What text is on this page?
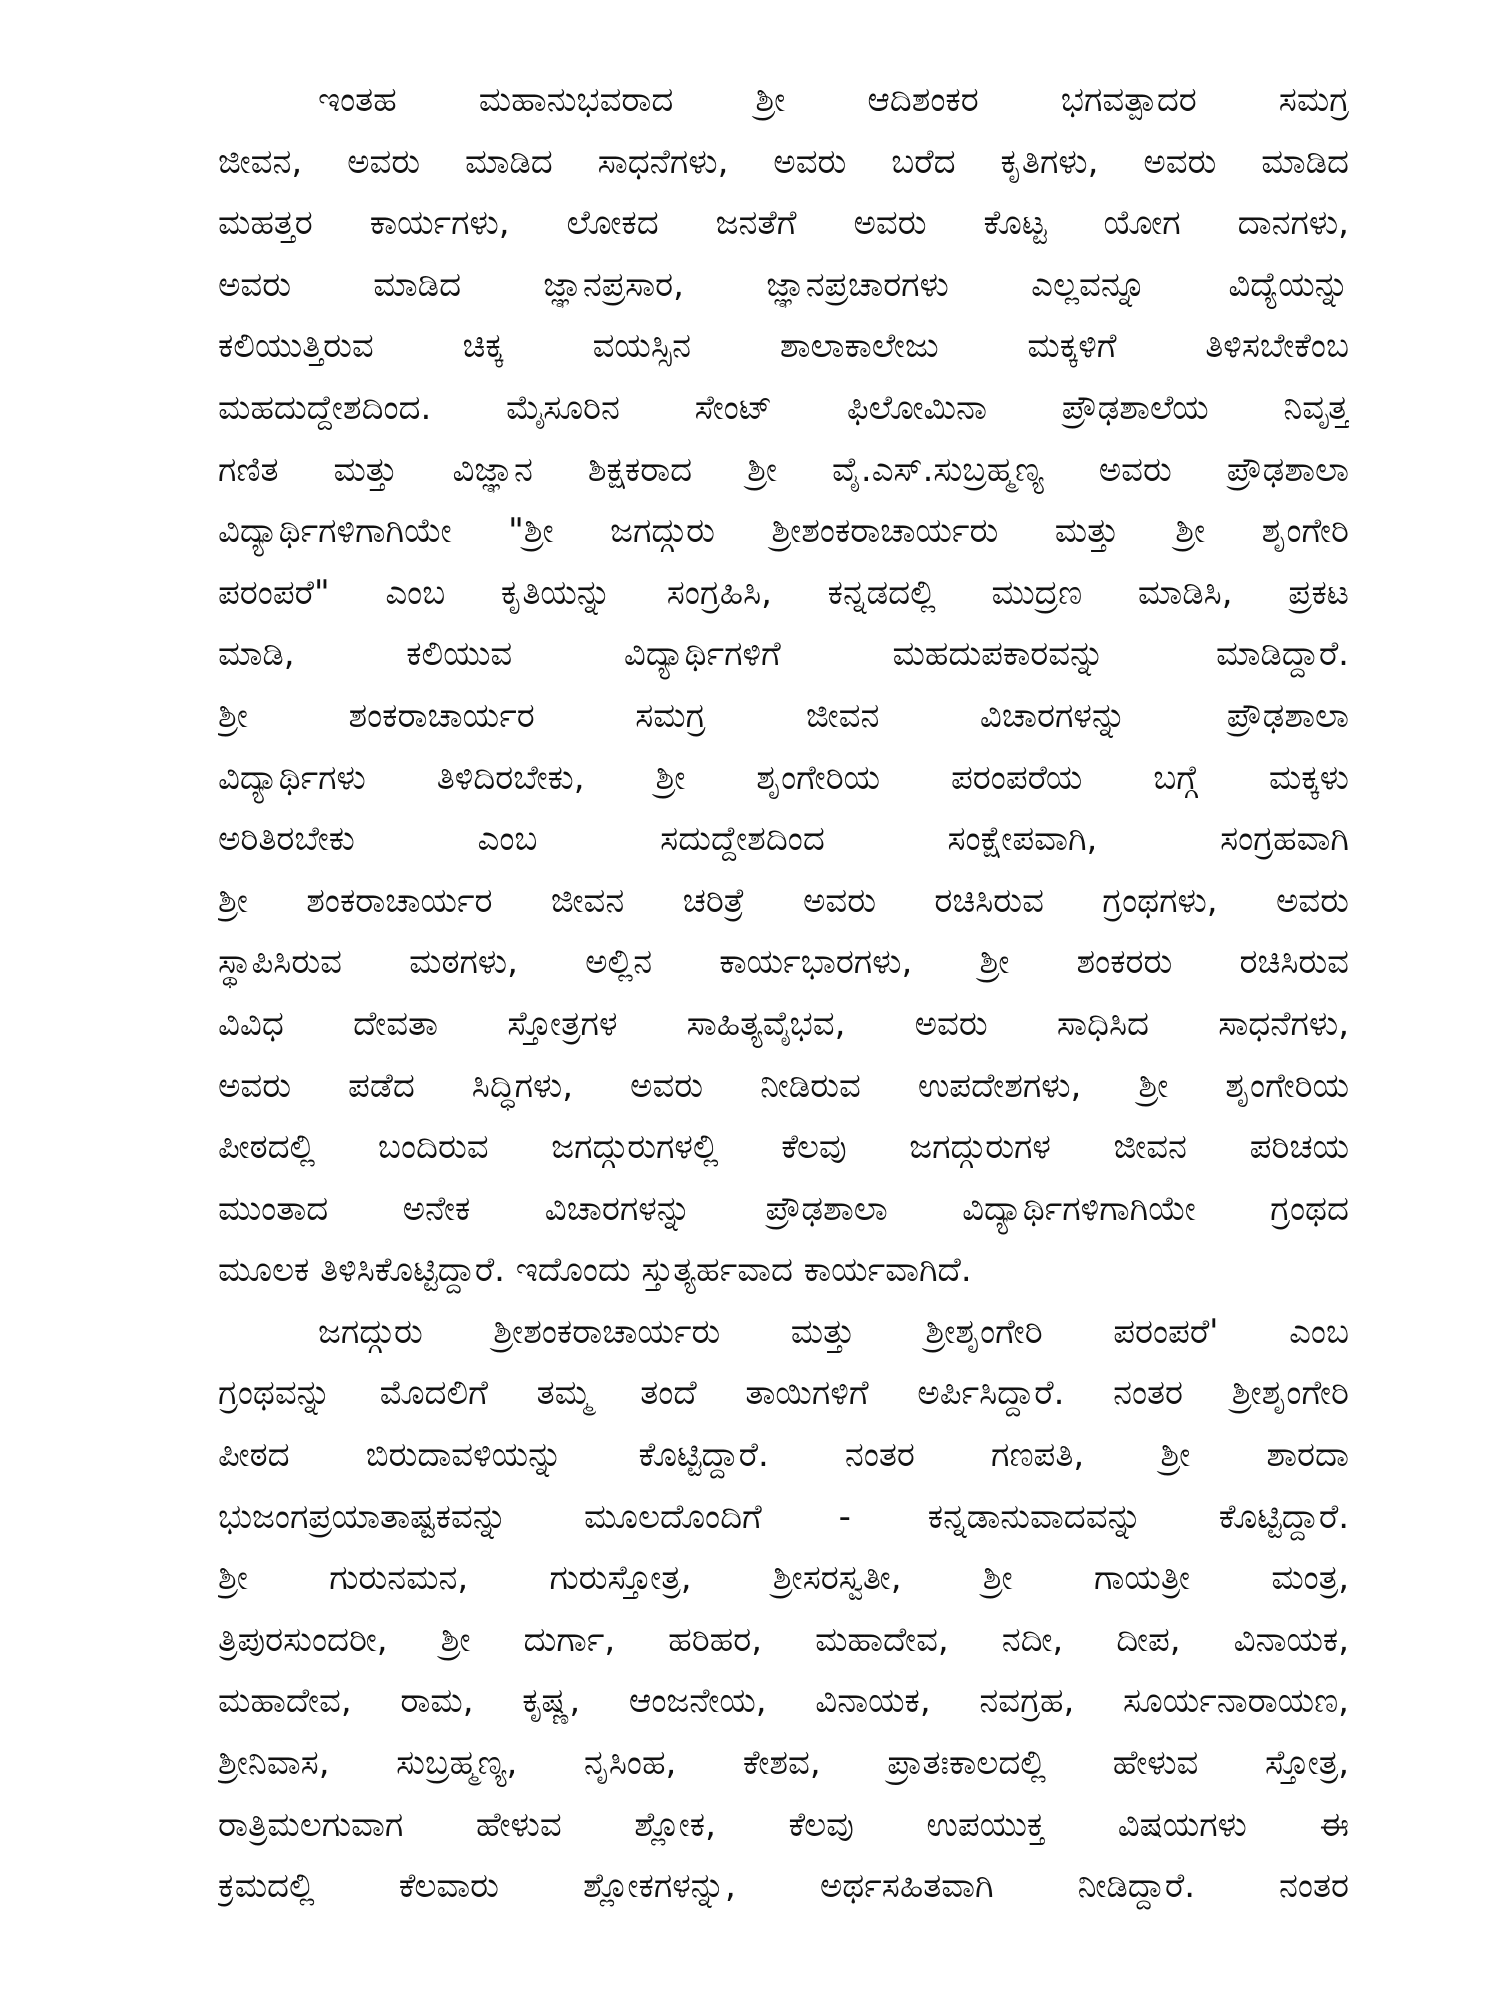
ಇಂತಹ ಮಹಾನುಭವರಾದ ಶ್ರೀ ಆದಿಶಂಕರ ಭಗವತ್ಪಾದರ ಸಮಗ್ರ
ಜೀವನ, ಅವರು ಮಾಡಿದ ಸಾಧನೆಗಳು, ಅವರು ಬರೆದ ಕೃತಿಗಳು, ಅವರು ಮಾಡಿದ
ಮಹತ್ತರ ಕಾರ್ಯಗಳು, ಲೋಕದ ಜನತೆಗೆ ಅವರು ಕೊಟ್ಟ ಯೋಗ ದಾನಗಳು,
ಅವರು ಮಾಡಿದ ಜ್ಞಾನಪ್ರಸಾರ, ಜ್ಞಾನಪ್ರಚಾರಗಳು ಎಲ್ಲವನ್ನೂ ವಿದ್ಯೆಯನ್ನು
ಕಲಿಯುತ್ತಿರುವ ಚಿಕ್ಕ ವಯಸ್ಸಿನ ಶಾಲಾಕಾಲೇಜು ಮಕ್ಕಳಿಗೆ ತಿಳಿಸಬೇಕೆಂಬ
ಮಹದುದ್ದೇಶದಿಂದ. ಮೈಸೂರಿನ ಸೇಂಟ್ ಫಿಲೋಮಿನಾ ಪ್ರೌಢಶಾಲೆಯ ನಿವೃತ್ತ
ಗಣಿತ ಮತ್ತು ವಿಜ್ಞಾನ ಶಿಕ್ಷಕರಾದ ಶ್ರೀ ವೈ.ಎಸ್.ಸುಬ್ರಹ್ಮಣ್ಯ ಅವರು ಪ್ರೌಢಶಾಲಾ
ವಿದ್ಯಾರ್ಥಿಗಳಿಗಾಗಿಯೇ "ಶ್ರೀ ಜಗದ್ಗುರು ಶ್ರೀಶಂಕರಾಚಾರ್ಯರು ಮತ್ತು ಶ್ರೀ ಶೃಂಗೇರಿ
ಪರಂಪರೆ" ಎಂಬ ಕೃತಿಯನ್ನು ಸಂಗ್ರಹಿಸಿ, ಕನ್ನಡದಲ್ಲಿ ಮುದ್ರಣ ಮಾಡಿಸಿ, ಪ್ರಕಟ
ಮಾಡಿ, ಕಲಿಯುವ ವಿದ್ಯಾರ್ಥಿಗಳಿಗೆ ಮಹದುಪಕಾರವನ್ನು ಮಾಡಿದ್ದಾರೆ.
ಶ್ರೀ ಶಂಕರಾಚಾರ್ಯರ ಸಮಗ್ರ ಜೀವನ ವಿಚಾರಗಳನ್ನು ಪ್ರೌಢಶಾಲಾ
ವಿದ್ಯಾರ್ಥಿಗಳು ತಿಳಿದಿರಬೇಕು, ಶ್ರೀ ಶೃಂಗೇರಿಯ ಪರಂಪರೆಯ ಬಗ್ಗೆ ಮಕ್ಕಳು
ಅರಿತಿರಬೇಕು ಎಂಬ ಸದುದ್ದೇಶದಿಂದ ಸಂಕ್ಷೇಪವಾಗಿ, ಸಂಗ್ರಹವಾಗಿ
ಶ್ರೀ ಶಂಕರಾಚಾರ್ಯರ ಜೀವನ ಚರಿತ್ರೆ ಅವರು ರಚಿಸಿರುವ ಗ್ರಂಥಗಳು, ಅವರು
ಸ್ಥಾಪಿಸಿರುವ ಮಠಗಳು, ಅಲ್ಲಿನ ಕಾರ್ಯಭಾರಗಳು, ಶ್ರೀ ಶಂಕರರು ರಚಿಸಿರುವ
ವಿವಿಧ ದೇವತಾ ಸ್ತೋತ್ರಗಳ ಸಾಹಿತ್ಯವೈಭವ, ಅವರು ಸಾಧಿಸಿದ ಸಾಧನೆಗಳು,
ಅವರು ಪಡೆದ ಸಿದ್ಧಿಗಳು, ಅವರು ನೀಡಿರುವ ಉಪದೇಶಗಳು, ಶ್ರೀ ಶೃಂಗೇರಿಯ
ಪೀಠದಲ್ಲಿ ಬಂದಿರುವ ಜಗದ್ಗುರುಗಳಲ್ಲಿ ಕೆಲವು ಜಗದ್ಗುರುಗಳ ಜೀವನ ಪರಿಚಯ
ಮುಂತಾದ ಅನೇಕ ವಿಚಾರಗಳನ್ನು ಪ್ರೌಢಶಾಲಾ ವಿದ್ಯಾರ್ಥಿಗಳಿಗಾಗಿಯೇ ಗ್ರಂಥದ
ಮೂಲಕ ತಿಳಿಸಿಕೊಟ್ಟಿದ್ದಾರೆ. ಇದೊಂದು ಸ್ತುತ್ಯರ್ಹವಾದ ಕಾರ್ಯವಾಗಿದೆ.
ಜಗದ್ಗುರು ಶ್ರೀಶಂಕರಾಚಾರ್ಯರು ಮತ್ತು ಶ್ರೀಶೃಂಗೇರಿ ಪರಂಪರೆ' ಎಂಬ
ಗ್ರಂಥವನ್ನು ಮೊದಲಿಗೆ ತಮ್ಮ ತಂದೆ ತಾಯಿಗಳಿಗೆ ಅರ್ಪಿಸಿದ್ದಾರೆ. ನಂತರ ಶ್ರೀಶೃಂಗೇರಿ
ಪೀಠದ ಬಿರುದಾವಳಿಯನ್ನು ಕೊಟ್ಟಿದ್ದಾರೆ. ನಂತರ ಗಣಪತಿ, ಶ್ರೀ ಶಾರದಾ
ಭುಜಂಗಪ್ರಯಾತಾಷ್ಟಕವನ್ನು ಮೂಲದೊಂದಿಗೆ - ಕನ್ನಡಾನುವಾದವನ್ನು ಕೊಟ್ಟಿದ್ದಾರೆ.
ಶ್ರೀ ಗುರುನಮನ, ಗುರುಸ್ತೋತ್ರ, ಶ್ರೀಸರಸ್ವತೀ, ಶ್ರೀ ಗಾಯತ್ರೀ ಮಂತ್ರ,
ತ್ರಿಪುರಸುಂದರೀ, ಶ್ರೀ ದುರ್ಗಾ, ಹರಿಹರ, ಮಹಾದೇವ, ನದೀ, ದೀಪ, ವಿನಾಯಕ,
ಮಹಾದೇವ, ರಾಮ, ಕೃಷ್ಣ, ಆಂಜನೇಯ, ವಿನಾಯಕ, ನವಗ್ರಹ, ಸೂರ್ಯನಾರಾಯಣ,
ಶ್ರೀನಿವಾಸ, ಸುಬ್ರಹ್ಮಣ್ಯ, ನೃಸಿಂಹ, ಕೇಶವ, ಪ್ರಾತಃಕಾಲದಲ್ಲಿ ಹೇಳುವ ಸ್ತೋತ್ರ,
ರಾತ್ರಿಮಲಗುವಾಗ ಹೇಳುವ ಶ್ಲೋಕ, ಕೆಲವು ಉಪಯುಕ್ತ ವಿಷಯಗಳು ಈ
ಕ್ರಮದಲ್ಲಿ ಕೆಲವಾರು ಶ್ಲೋಕಗಳನ್ನು, ಅರ್ಥಸಹಿತವಾಗಿ ನೀಡಿದ್ದಾರೆ. ನಂತರ
